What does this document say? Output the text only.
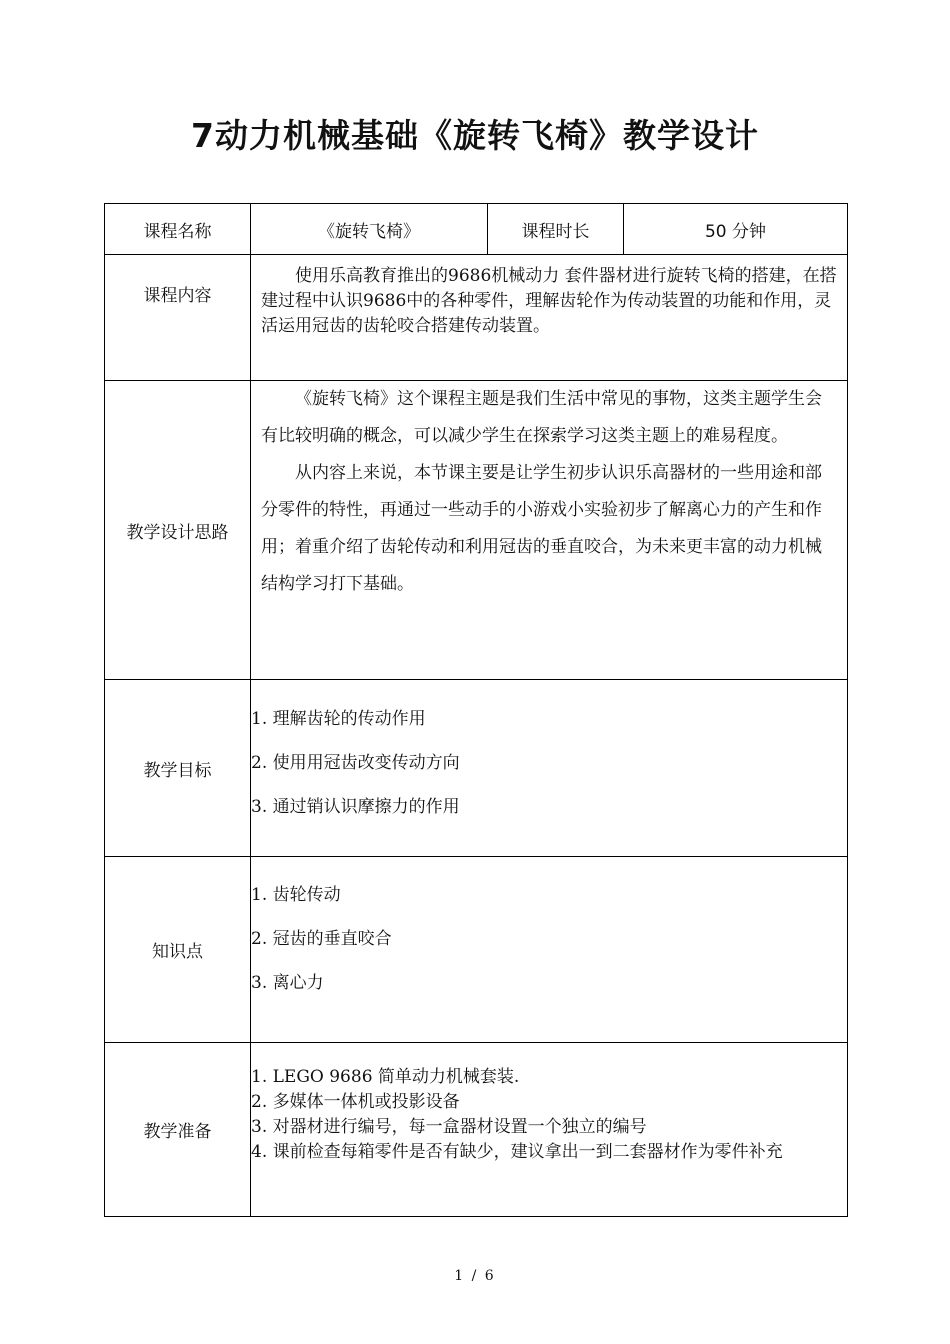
7动力机械基础《旋转飞椅》教学设计
课程名称	《旋转飞椅》	课程时长	50 分钟
课程内容	使用乐高教育推出的9686机械动力 套件器材进行旋转飞椅的搭建，在搭建过程中认识9686中的各种零件，理解齿轮作为传动装置的功能和作用，灵活运用冠齿的齿轮咬合搭建传动装置。		

教学设计思路	《旋转飞椅》这个课程主题是我们生活中常见的事物，这类主题学生会有比较明确的概念，可以减少学生在探索学习这类主题上的难易程度。

从内容上来说，本节课主要是让学生初步认识乐高器材的一些用途和部分零件的特性，再通过一些动手的小游戏小实验初步了解离心力的产生和作用；着重介绍了齿轮传动和利用冠齿的垂直咬合，为未来更丰富的动力机械结构学习打下基础。		

教学目标	1. 理解齿轮的传动作用
2. 使用用冠齿改变传动方向
3. 通过销认识摩擦力的作用		

知识点	1. 齿轮传动
2. 冠齿的垂直咬合
3. 离心力		

教学准备	1. LEGO 9686 简单动力机械套装.
2. 多媒体一体机或投影设备
3. 对器材进行编号，每一盒器材设置一个独立的编号
4. 课前检查每箱零件是否有缺少，建议拿出一到二套器材作为零件补充		
1 / 6
